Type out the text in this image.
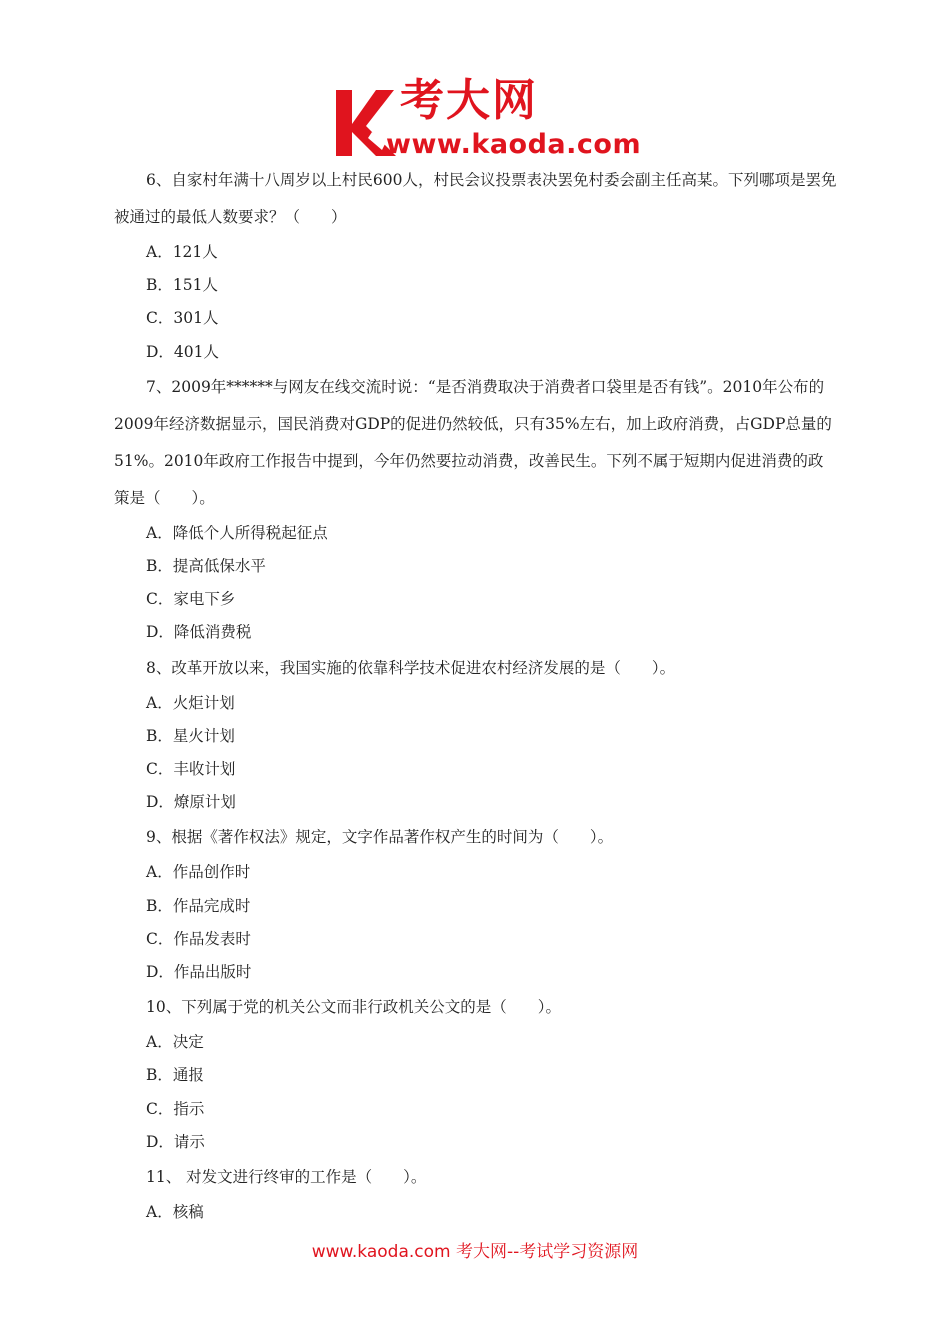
考大网
www.kaoda.com

6、自家村年满十八周岁以上村民600人，村民会议投票表决罢免村委会副主任高某。下列哪项是罢免被通过的最低人数要求？（　　）

A．121人

B．151人

C．301人

D．401人

7、2009年******与网友在线交流时说：“是否消费取决于消费者口袋里是否有钱”。2010年公布的2009年经济数据显示，国民消费对GDP的促进仍然较低，只有35%左右，加上政府消费，占GDP总量的51%。2010年政府工作报告中提到，今年仍然要拉动消费，改善民生。下列不属于短期内促进消费的政策是（　　）。

A．降低个人所得税起征点

B．提高低保水平

C．家电下乡

D．降低消费税

8、改革开放以来，我国实施的依靠科学技术促进农村经济发展的是（　　）。

A．火炬计划

B．星火计划

C．丰收计划

D．燎原计划

9、根据《著作权法》规定，文字作品著作权产生的时间为（　　）。

A．作品创作时

B．作品完成时

C．作品发表时

D．作品出版时

10、下列属于党的机关公文而非行政机关公文的是（　　）。

A．决定

B．通报

C．指示

D．请示

11、 对发文进行终审的工作是（　　）。

A．核稿

www.kaoda.com 考大网--考试学习资源网
